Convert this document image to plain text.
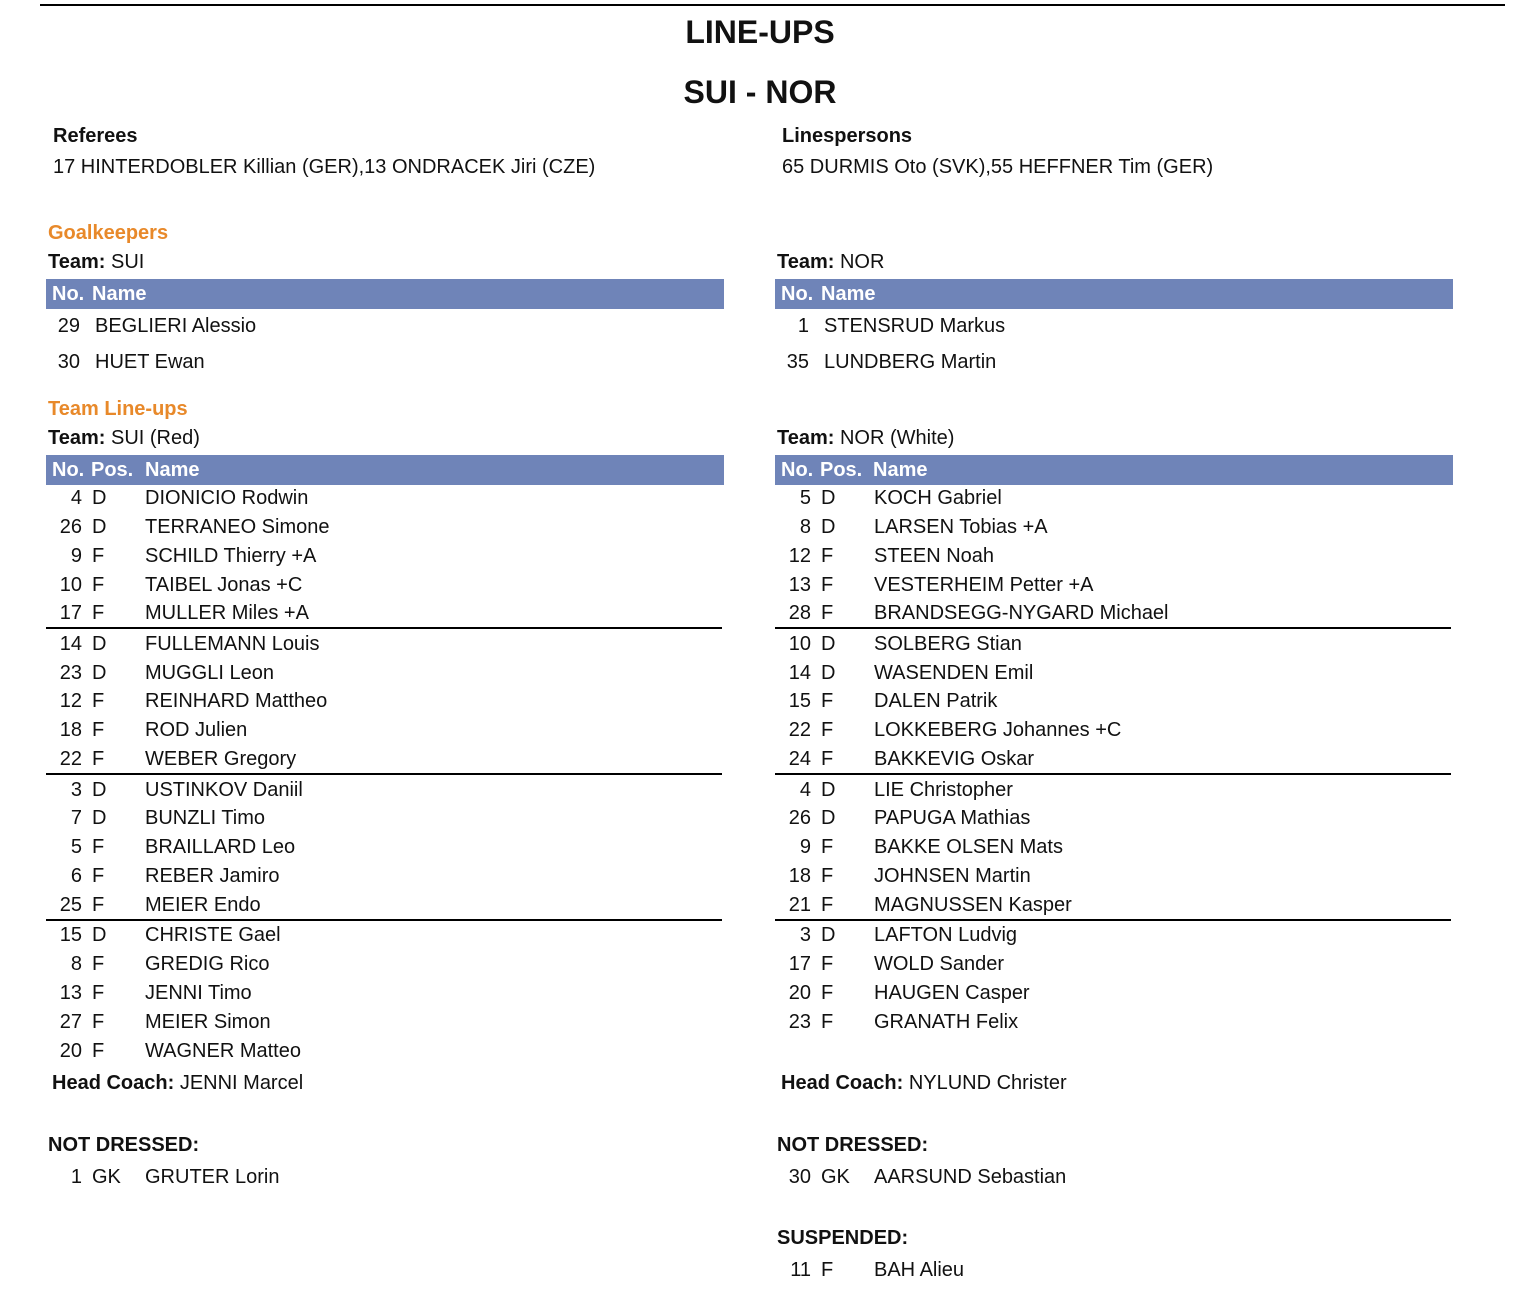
LINE-UPS
SUI - NOR
Referees
17 HINTERDOBLER Killian (GER),13 ONDRACEK Jiri (CZE)
Linespersons
65 DURMIS Oto (SVK),55 HEFFNER Tim (GER)
Goalkeepers
Team: SUI	Team: NOR
No. Name	No. Name
29 BEGLIERI Alessio
30 HUET Ewan
1 STENSRUD Markus
35 LUNDBERG Martin
Team Line-ups
Team: SUI (Red)	Team: NOR (White)
No. Pos. Name	No. Pos. Name
4 D DIONICIO Rodwin
26 D TERRANEO Simone
9 F SCHILD Thierry +A
10 F TAIBEL Jonas +C
17 F MULLER Miles +A
14 D FULLEMANN Louis
23 D MUGGLI Leon
12 F REINHARD Mattheo
18 F ROD Julien
22 F WEBER Gregory
3 D USTINKOV Daniil
7 D BUNZLI Timo
5 F BRAILLARD Leo
6 F REBER Jamiro
25 F MEIER Endo
15 D CHRISTE Gael
8 F GREDIG Rico
13 F JENNI Timo
27 F MEIER Simon
20 F WAGNER Matteo
5 D KOCH Gabriel
8 D LARSEN Tobias +A
12 F STEEN Noah
13 F VESTERHEIM Petter +A
28 F BRANDSEGG-NYGARD Michael
10 D SOLBERG Stian
14 D WASENDEN Emil
15 F DALEN Patrik
22 F LOKKEBERG Johannes +C
24 F BAKKEVIG Oskar
4 D LIE Christopher
26 D PAPUGA Mathias
9 F BAKKE OLSEN Mats
18 F JOHNSEN Martin
21 F MAGNUSSEN Kasper
3 D LAFTON Ludvig
17 F WOLD Sander
20 F HAUGEN Casper
23 F GRANATH Felix
Head Coach: JENNI Marcel	Head Coach: NYLUND Christer
NOT DRESSED:	NOT DRESSED:
1 GK GRUTER Lorin	30 GK AARSUND Sebastian
SUSPENDED:
11 F BAH Alieu
